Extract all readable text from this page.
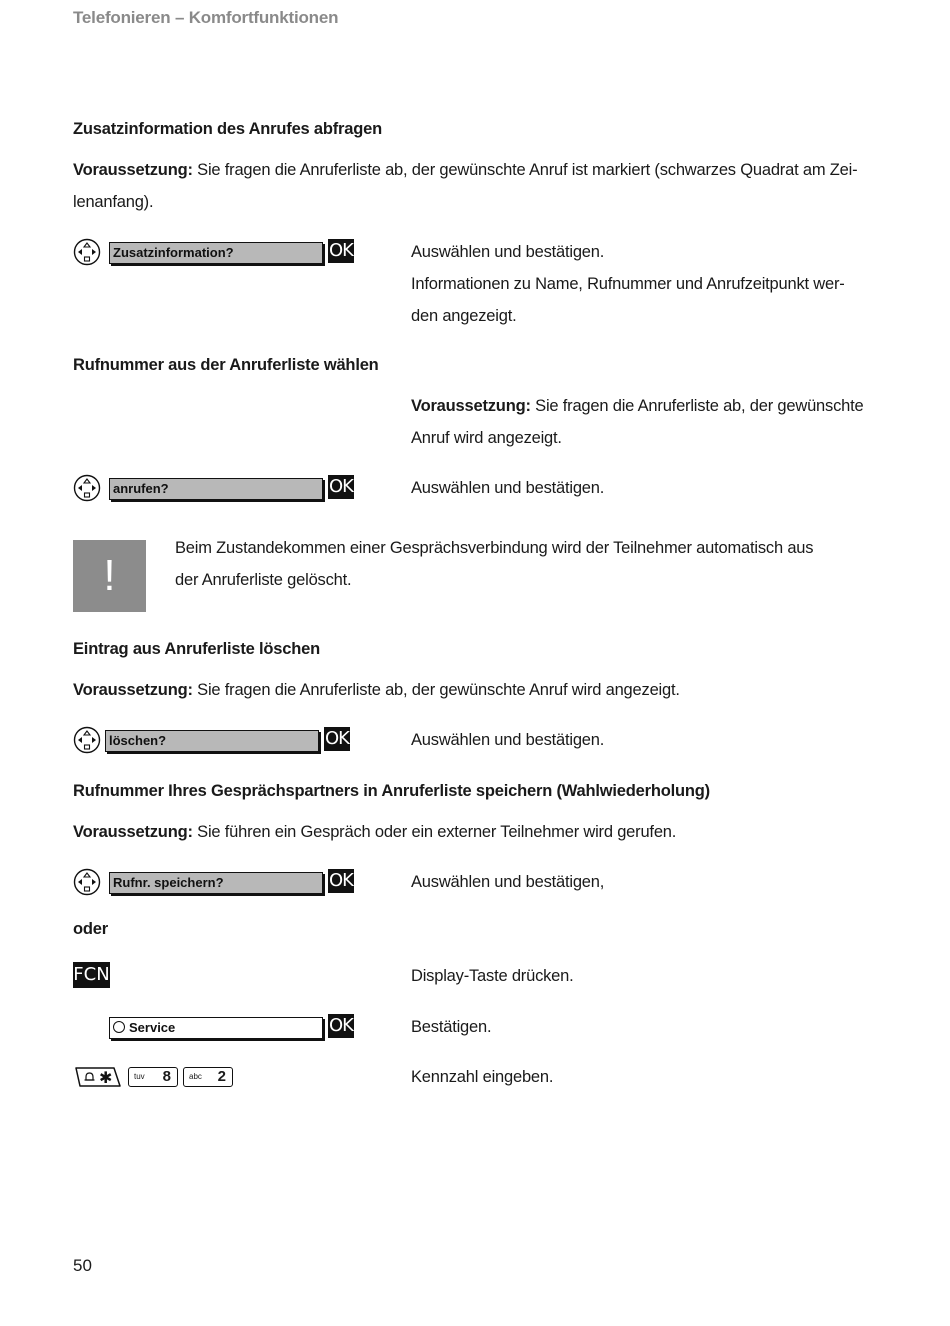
Telefonieren – Komfortfunktionen
Zusatzinformation des Anrufes abfragen
Voraussetzung: Sie fragen die Anruferliste ab, der gewünschte Anruf ist markiert (schwarzes Quadrat am Zei-
lenanfang).
Zusatzinformation?	OK	Auswählen und bestätigen.
Informationen zu Name, Rufnummer und Anrufzeitpunkt wer-
den angezeigt.
Rufnummer aus der Anruferliste wählen
Voraussetzung: Sie fragen die Anruferliste ab, der gewünschte
Anruf wird angezeigt.
anrufen?	OK	Auswählen und bestätigen.
!
Beim Zustandekommen einer Gesprächsverbindung wird der Teilnehmer automatisch aus
der Anruferliste gelöscht.
Eintrag aus Anruferliste löschen
Voraussetzung: Sie fragen die Anruferliste ab, der gewünschte Anruf wird angezeigt.
löschen?	OK	Auswählen und bestätigen.
Rufnummer Ihres Gesprächspartners in Anruferliste speichern (Wahlwiederholung)
Voraussetzung: Sie führen ein Gespräch oder ein externer Teilnehmer wird gerufen.
Rufnr. speichern?	OK	Auswählen und bestätigen,
oder
FCN	Display-Taste drücken.
Service	OK	Bestätigen.
✱	tuv 8 abc 2	Kennzahl eingeben.
50
